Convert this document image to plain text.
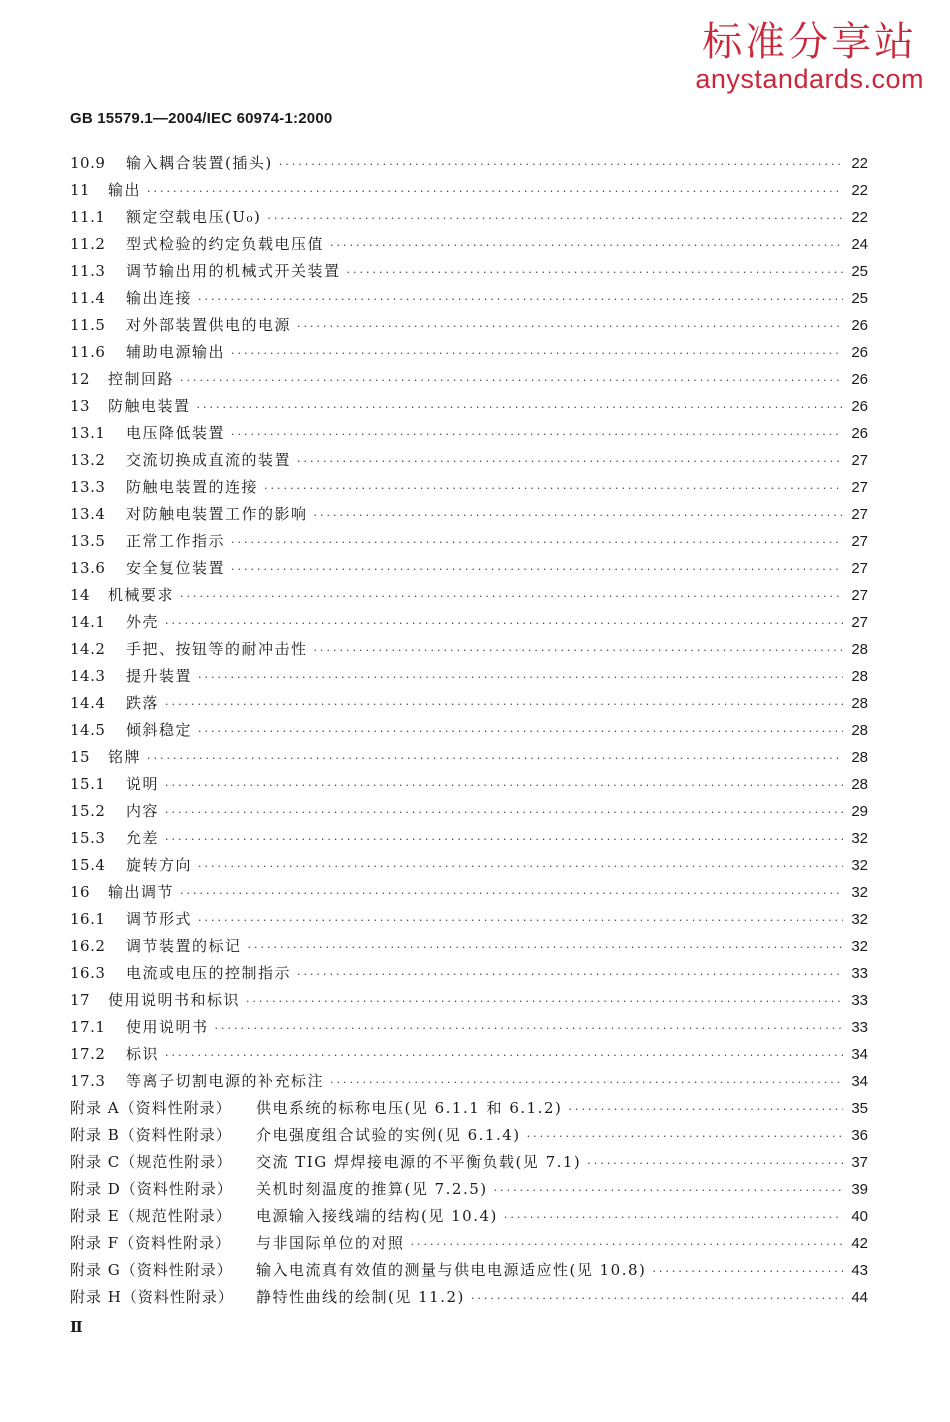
标准分享站
anystandards.com
GB 15579.1—2004/IEC 60974-1:2000
10.9	输入耦合装置(插头) ·····	22
11	输出 ·····	22
11.1	额定空载电压(U₀) ·····	22
11.2	型式检验的约定负载电压值 ·····	24
11.3	调节输出用的机械式开关装置 ·····	25
11.4	输出连接 ·····	25
11.5	对外部装置供电的电源 ·····	26
11.6	辅助电源输出 ·····	26
12	控制回路 ·····	26
13	防触电装置 ·····	26
13.1	电压降低装置 ·····	26
13.2	交流切换成直流的装置 ·····	27
13.3	防触电装置的连接 ·····	27
13.4	对防触电装置工作的影响 ·····	27
13.5	正常工作指示 ·····	27
13.6	安全复位装置 ·····	27
14	机械要求 ·····	27
14.1	外壳 ·····	27
14.2	手把、按钮等的耐冲击性 ·····	28
14.3	提升装置 ·····	28
14.4	跌落 ·····	28
14.5	倾斜稳定 ·····	28
15	铭牌 ·····	28
15.1	说明 ·····	28
15.2	内容 ·····	29
15.3	允差 ·····	32
15.4	旋转方向 ·····	32
16	输出调节 ·····	32
16.1	调节形式 ·····	32
16.2	调节装置的标记 ·····	32
16.3	电流或电压的控制指示 ·····	33
17	使用说明书和标识 ·····	33
17.1	使用说明书 ·····	33
17.2	标识 ·····	34
17.3	等离子切割电源的补充标注 ·····	34
附录 A（资料性附录）	供电系统的标称电压(见 6.1.1 和 6.1.2) ·····	35
附录 B（资料性附录）	介电强度组合试验的实例(见 6.1.4) ·····	36
附录 C（规范性附录）	交流 TIG 焊焊接电源的不平衡负载(见 7.1) ·····	37
附录 D（资料性附录）	关机时刻温度的推算(见 7.2.5) ·····	39
附录 E（规范性附录）	电源输入接线端的结构(见 10.4) ·····	40
附录 F（资料性附录）	与非国际单位的对照 ·····	42
附录 G（资料性附录）	输入电流真有效值的测量与供电电源适应性(见 10.8) ·····	43
附录 H（资料性附录）	静特性曲线的绘制(见 11.2) ·····	44
Ⅱ
